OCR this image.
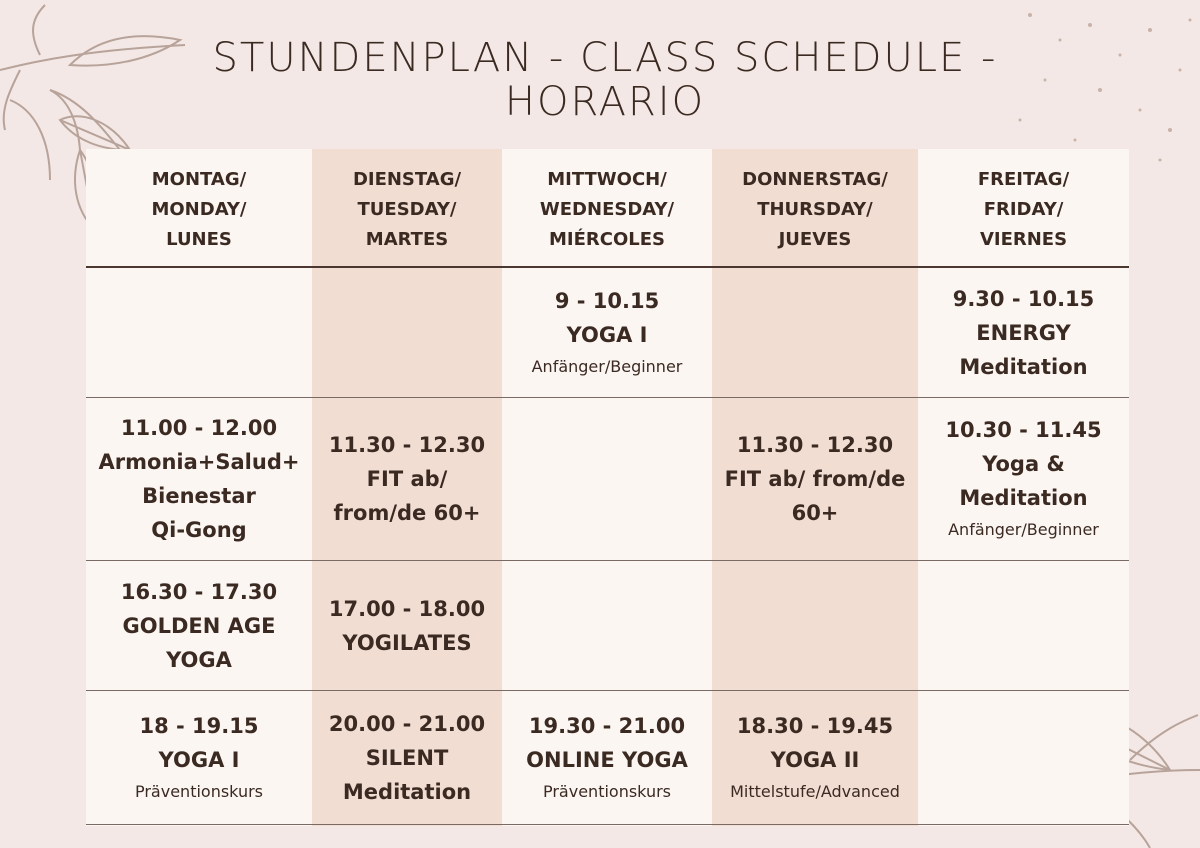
STUNDENPLAN - CLASS SCHEDULE - HORARIO
MONTAG/
MONDAY/
LUNES
DIENSTAG/
TUESDAY/
MARTES
MITTWOCH/
WEDNESDAY/
MIÉRCOLES
DONNERSTAG/
THURSDAY/
JUEVES
FREITAG/
FRIDAY/
VIERNES
9 - 10.15
YOGA I
Anfänger/Beginner
9.30 - 10.15
ENERGY
Meditation
11.00 - 12.00
Armonia+Salud+
Bienestar
Qi-Gong
11.30 - 12.30
FIT ab/
from/de 60+
11.30 - 12.30
FIT ab/ from/de
60+
10.30 - 11.45
Yoga &
Meditation
Anfänger/Beginner
16.30 - 17.30
GOLDEN AGE
YOGA
17.00 - 18.00
YOGILATES
18 - 19.15
YOGA I
Präventionskurs
20.00 - 21.00
SILENT
Meditation
19.30 - 21.00
ONLINE YOGA
Präventionskurs
18.30 - 19.45
YOGA II
Mittelstufe/Advanced
